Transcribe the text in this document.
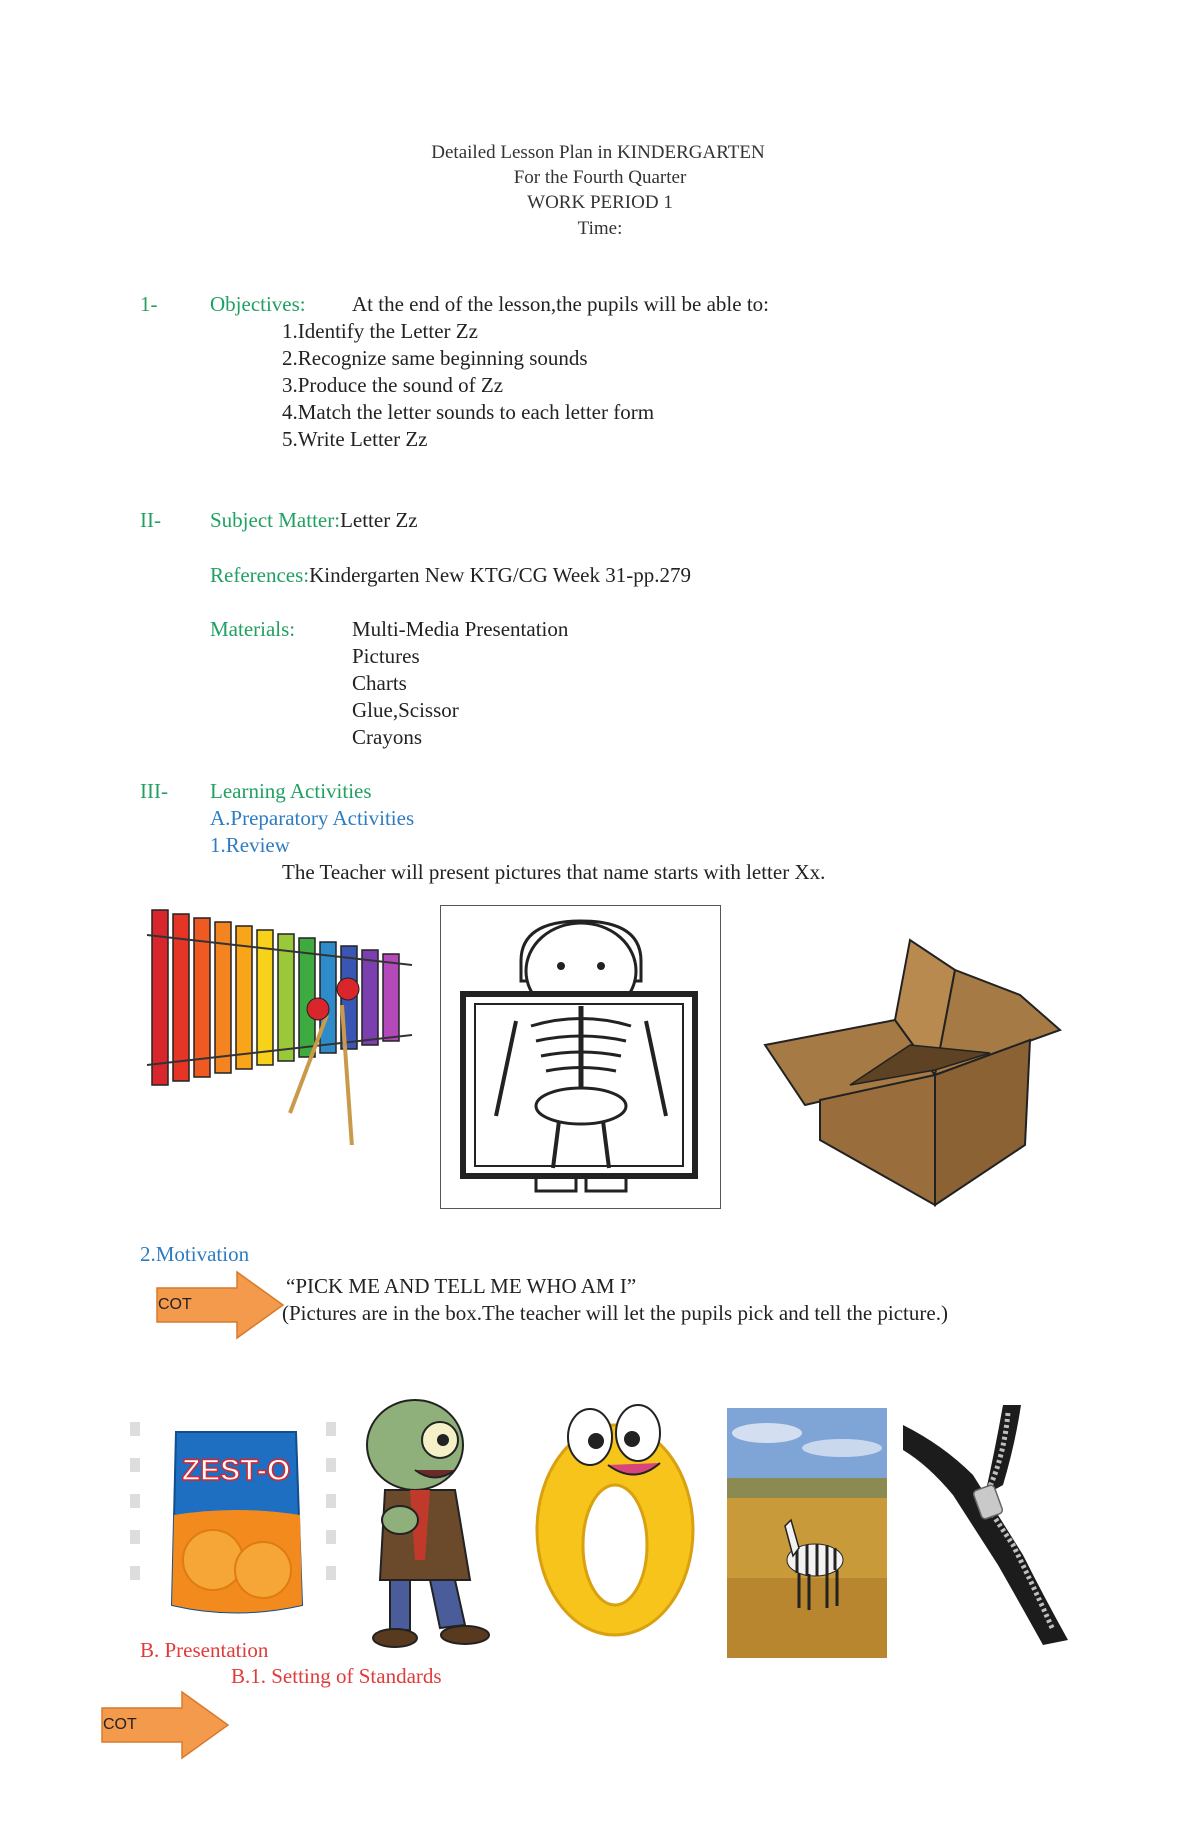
Detailed Lesson Plan in KINDERGARTEN
For the Fourth Quarter
WORK PERIOD 1
Time:
1-	Objectives: At the end of the lesson,the pupils will be able to:
1.Identify the Letter Zz
2.Recognize same beginning sounds
3.Produce the sound of Zz
4.Match the letter sounds to each letter form
5.Write Letter Zz
II- Subject Matter:Letter Zz
References:Kindergarten New KTG/CG Week 31-pp.279
Materials:	Multi-Media Presentation
Pictures
Charts
Glue,Scissor
Crayons
III- Learning Activities
A.Preparatory Activities
1.Review
The Teacher will present pictures that name starts with letter Xx.
2.Motivation
COT
“PICK ME AND TELL ME WHO AM I”
(Pictures are in the box.The teacher will let the pupils pick and tell the picture.)
ZEST-O
B. Presentation
B.1. Setting of Standards
COT
